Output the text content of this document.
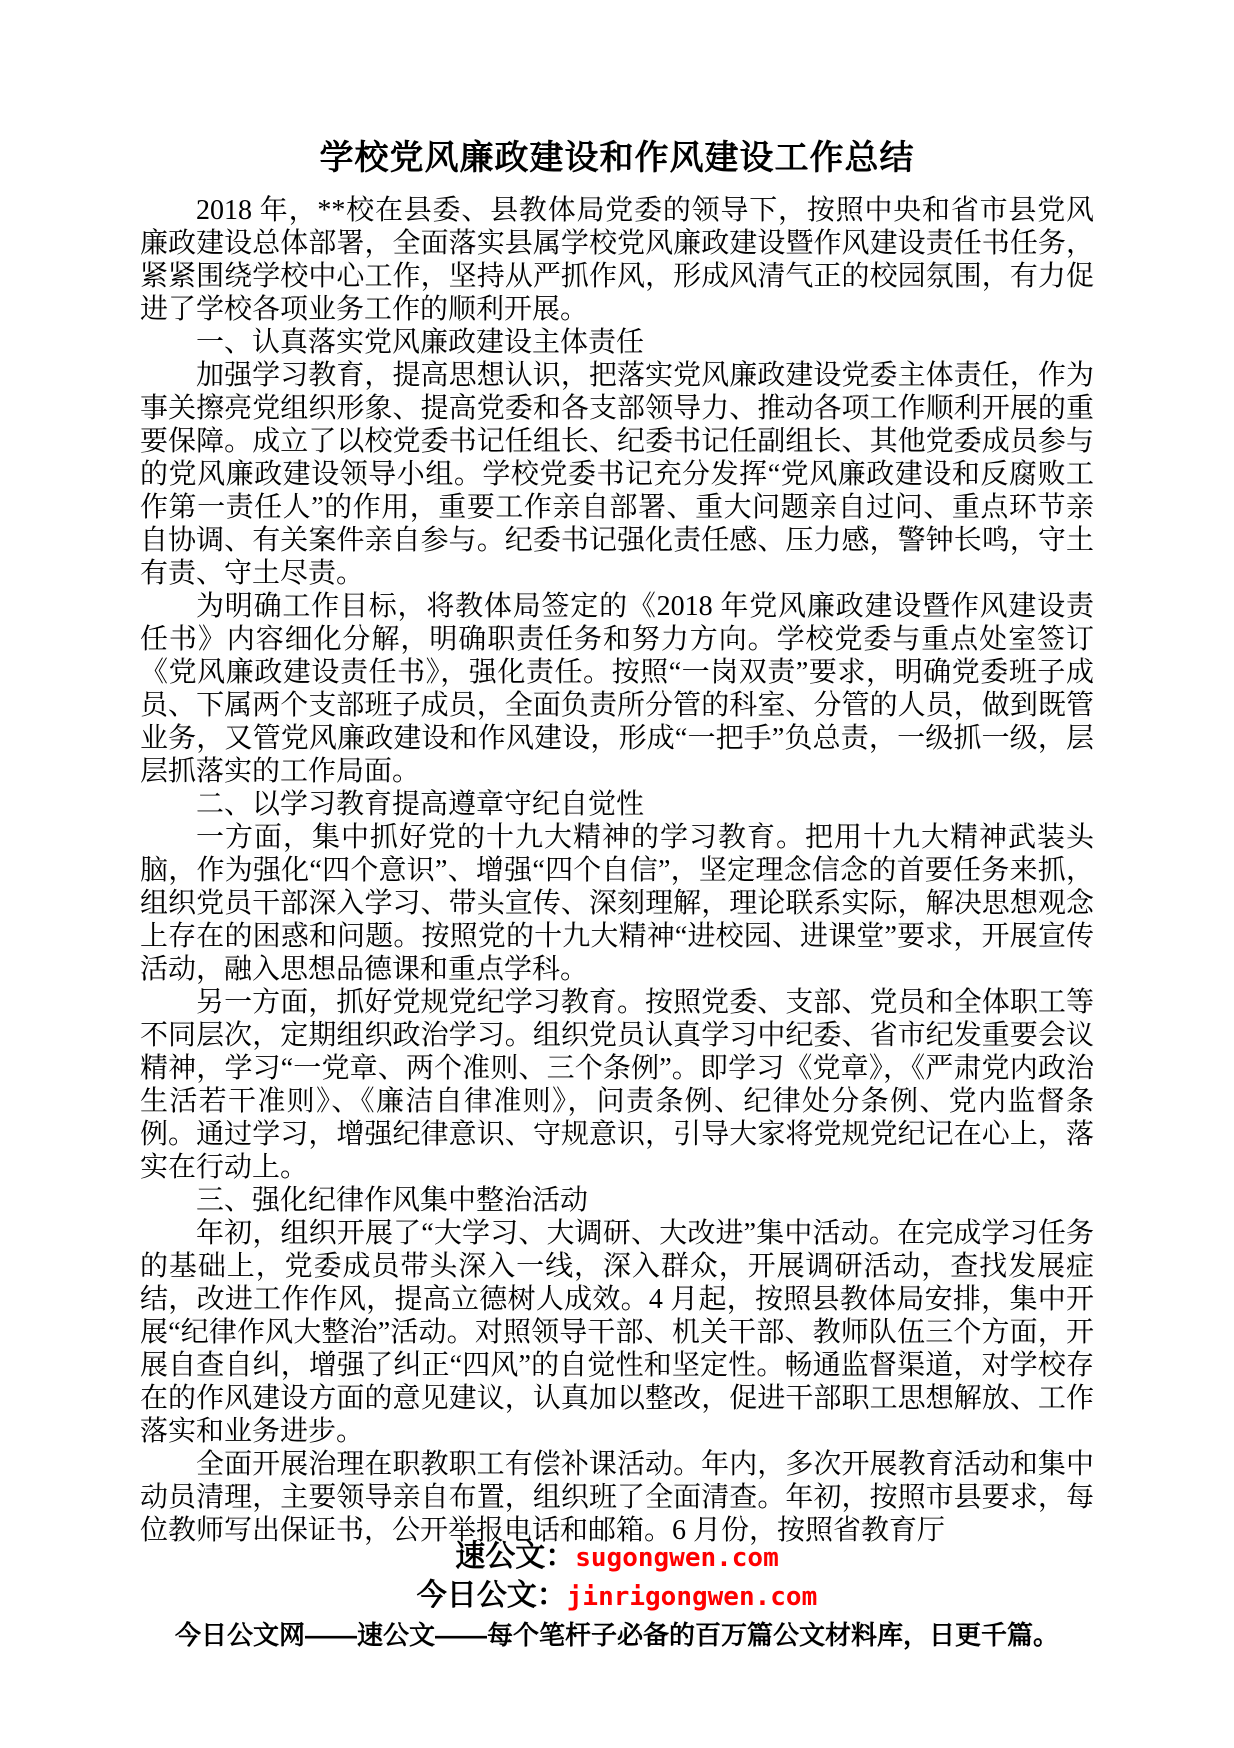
学校党风廉政建设和作风建设工作总结

2018 年，**校在县委、县教体局党委的领导下，按照中央和省市县党风廉政建设总体部署，全面落实县属学校党风廉政建设暨作风建设责任书任务，紧紧围绕学校中心工作，坚持从严抓作风，形成风清气正的校园氛围，有力促进了学校各项业务工作的顺利开展。

一、认真落实党风廉政建设主体责任

加强学习教育，提高思想认识，把落实党风廉政建设党委主体责任，作为事关擦亮党组织形象、提高党委和各支部领导力、推动各项工作顺利开展的重要保障。成立了以校党委书记任组长、纪委书记任副组长、其他党委成员参与的党风廉政建设领导小组。学校党委书记充分发挥“党风廉政建设和反腐败工作第一责任人”的作用，重要工作亲自部署、重大问题亲自过问、重点环节亲自协调、有关案件亲自参与。纪委书记强化责任感、压力感，警钟长鸣，守土有责、守土尽责。

为明确工作目标，将教体局签定的《2018 年党风廉政建设暨作风建设责任书》内容细化分解，明确职责任务和努力方向。学校党委与重点处室签订《党风廉政建设责任书》，强化责任。按照“一岗双责”要求，明确党委班子成员、下属两个支部班子成员，全面负责所分管的科室、分管的人员，做到既管业务，又管党风廉政建设和作风建设，形成“一把手”负总责，一级抓一级，层层抓落实的工作局面。

二、以学习教育提高遵章守纪自觉性

一方面，集中抓好党的十九大精神的学习教育。把用十九大精神武装头脑，作为强化“四个意识”、增强“四个自信”，坚定理念信念的首要任务来抓，组织党员干部深入学习、带头宣传、深刻理解，理论联系实际，解决思想观念上存在的困惑和问题。按照党的十九大精神“进校园、进课堂”要求，开展宣传活动，融入思想品德课和重点学科。

另一方面，抓好党规党纪学习教育。按照党委、支部、党员和全体职工等不同层次，定期组织政治学习。组织党员认真学习中纪委、省市纪发重要会议精神，学习“一党章、两个准则、三个条例”。即学习《党章》，《严肃党内政治生活若干准则》、《廉洁自律准则》，问责条例、纪律处分条例、党内监督条例。通过学习，增强纪律意识、守规意识，引导大家将党规党纪记在心上，落实在行动上。

三、强化纪律作风集中整治活动

年初，组织开展了“大学习、大调研、大改进”集中活动。在完成学习任务的基础上，党委成员带头深入一线，深入群众，开展调研活动，查找发展症结，改进工作作风，提高立德树人成效。4 月起，按照县教体局安排，集中开展“纪律作风大整治”活动。对照领导干部、机关干部、教师队伍三个方面，开展自查自纠，增强了纠正“四风”的自觉性和坚定性。畅通监督渠道，对学校存在的作风建设方面的意见建议，认真加以整改，促进干部职工思想解放、工作落实和业务进步。

全面开展治理在职教职工有偿补课活动。年内，多次开展教育活动和集中动员清理，主要领导亲自布置，组织班了全面清查。年初，按照市县要求，每位教师写出保证书，公开举报电话和邮箱。6 月份，按照省教育厅

速公文：sugongwen.com
今日公文：jinrigongwen.com
今日公文网——速公文——每个笔杆子必备的百万篇公文材料库，日更千篇。
